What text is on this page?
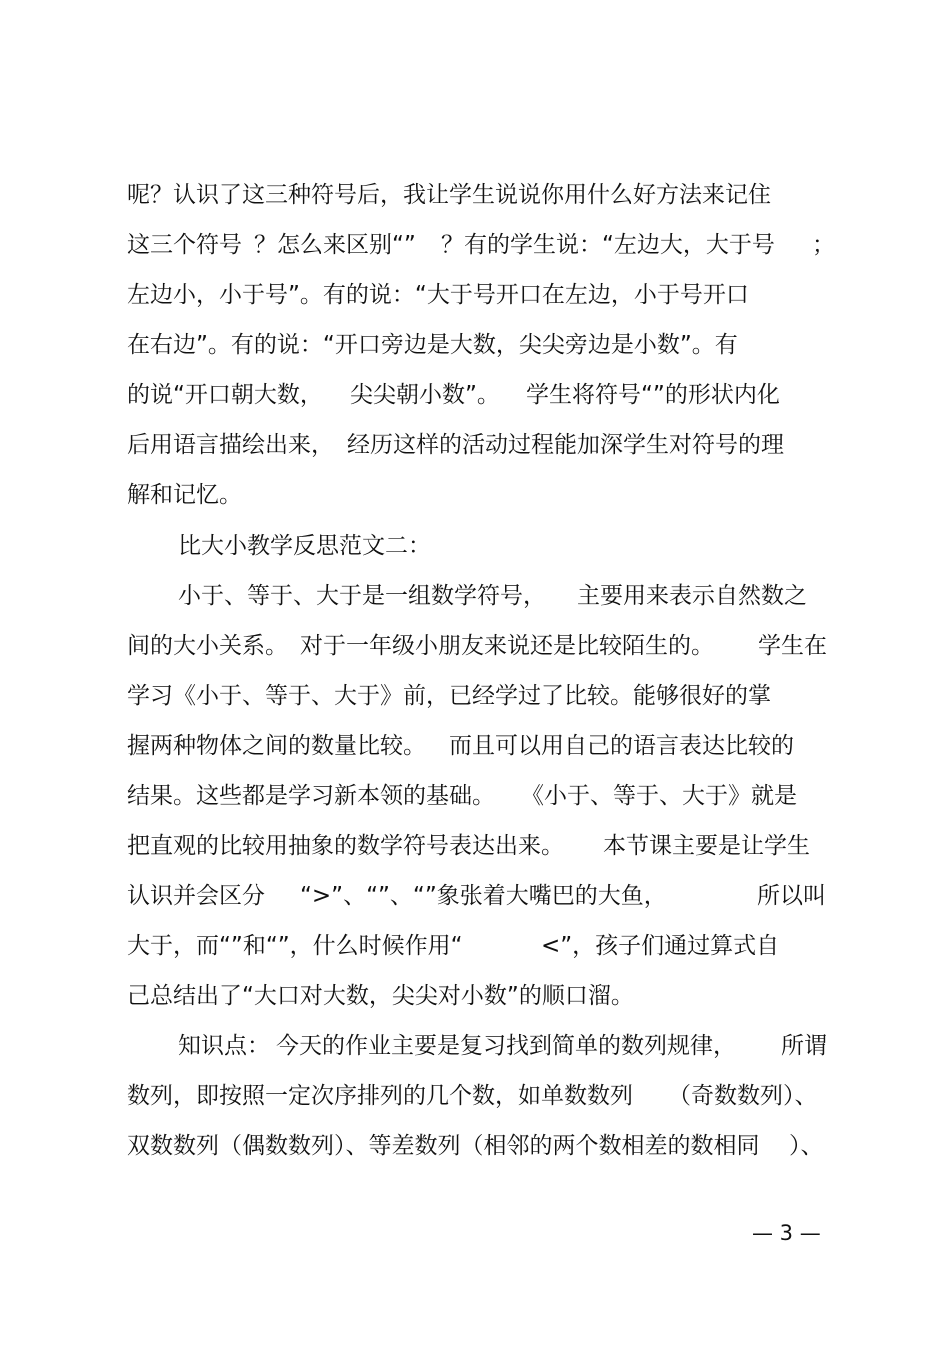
呢？认识了这三种符号后，我让学生说说你用什么好方法来记住
这三个符号 ？怎么来区别“” ？有的学生说：“左边大，大于号 ；
左边小，小于号”。有的说：“大于号开口在左边，小于号开口
在右边”。有的说：“开口旁边是大数，尖尖旁边是小数”。有
的说“开口朝大数， 尖尖朝小数”。 学生将符号“”的形状内化
后用语言描绘出来， 经历这样的活动过程能加深学生对符号的理
解和记忆。
比大小教学反思范文二：
小于、等于、大于是一组数学符号， 主要用来表示自然数之
间的大小关系。 对于一年级小朋友来说还是比较陌生的。 学生在
学习《小于、等于、大于》前，已经学过了比较。能够很好的掌
握两种物体之间的数量比较。 而且可以用自己的语言表达比较的
结果。这些都是学习新本领的基础。 《小于、等于、大于》就是
把直观的比较用抽象的数学符号表达出来。 本节课主要是让学生
认识并会区分 “>”、“”、“”象张着大嘴巴的大鱼，	所以叫
大于，而“”和“”，什么时候作用“	<”，孩子们通过算式自
己总结出了“大口对大数，尖尖对小数”的顺口溜。
知识点： 今天的作业主要是复习找到简单的数列规律， 所谓
数列，即按照一定次序排列的几个数，如单数数列 （奇数数列）、
双数数列（偶数数列）、等差数列（相邻的两个数相差的数相同 ）、
— 3 —
